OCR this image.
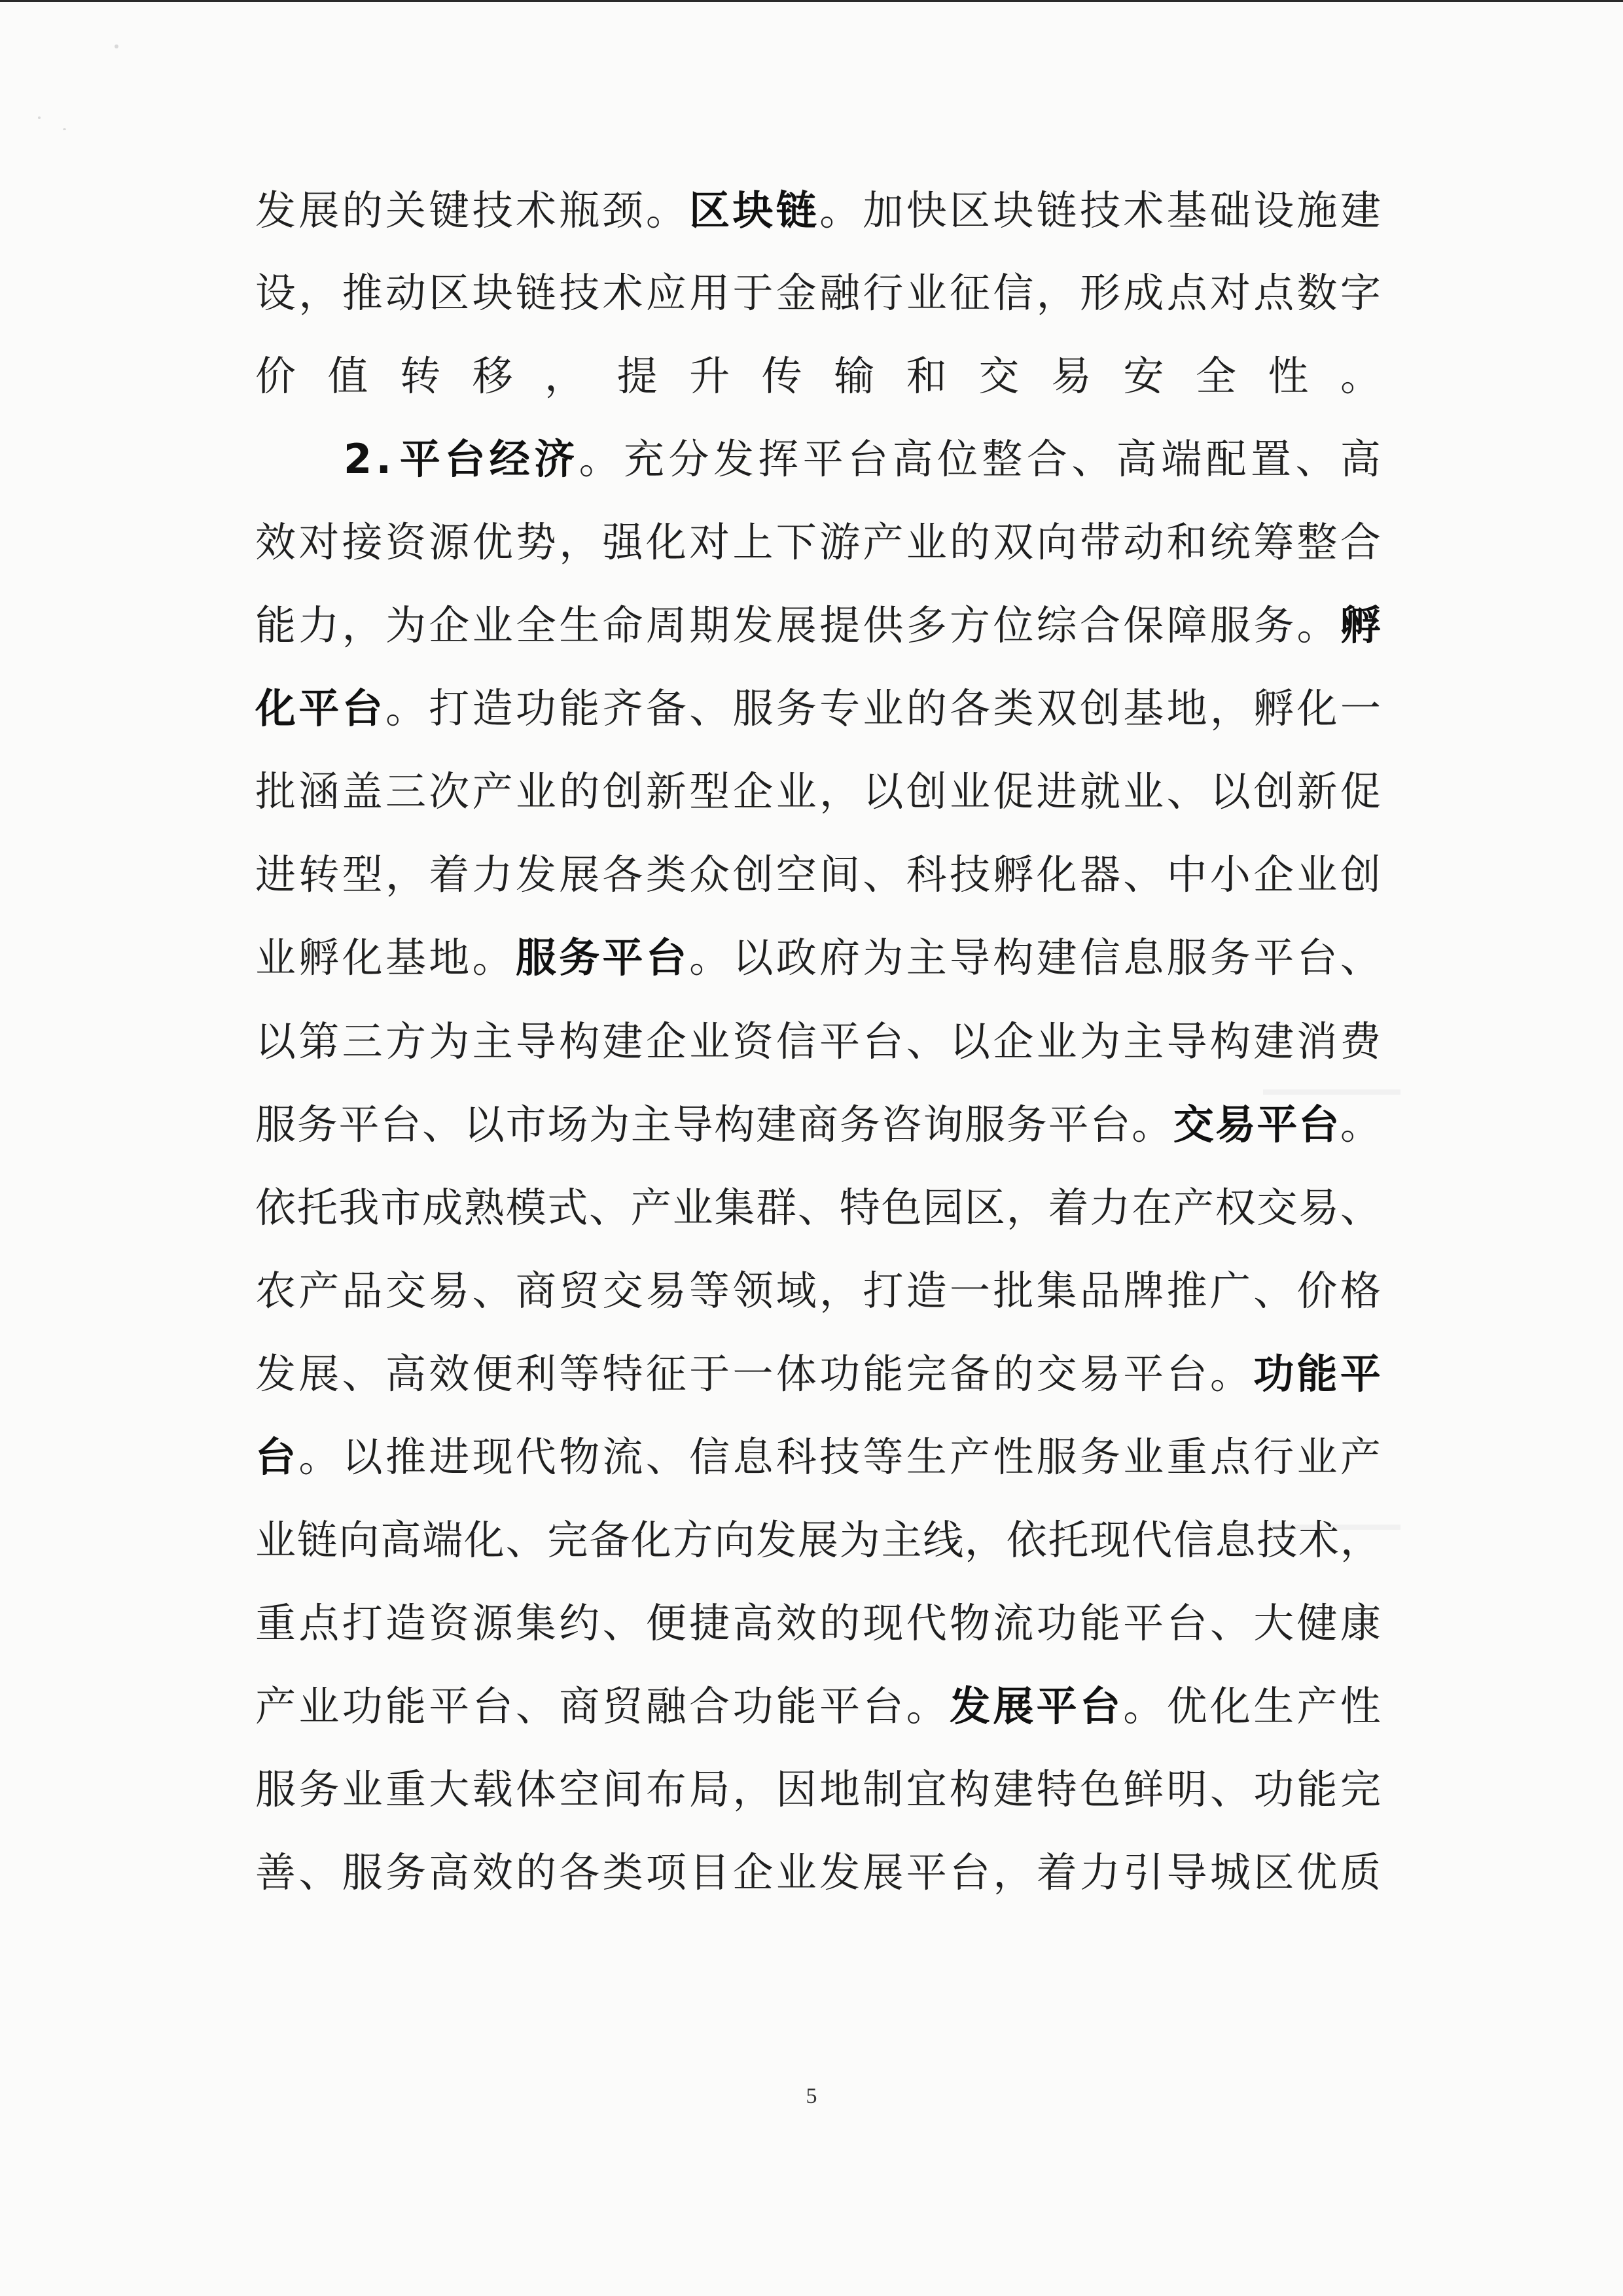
发 展 的 关 键 技 术 瓶 颈 。 区 块 链 。 加 快 区 块 链 技 术 基 础 设 施 建
设 ， 推 动 区 块 链 技 术 应 用 于 金 融 行 业 征 信 ， 形 成 点 对 点 数 字
价 值 转 移 ， 提 升 传 输 和 交 易 安 全 性 。
2 . 平 台 经 济 。 充 分 发 挥 平 台 高 位 整 合 、 高 端 配 置 、 高
效 对 接 资 源 优 势 ， 强 化 对 上 下 游 产 业 的 双 向 带 动 和 统 筹 整 合
能 力 ， 为 企 业 全 生 命 周 期 发 展 提 供 多 方 位 综 合 保 障 服 务 。 孵
化 平 台 。 打 造 功 能 齐 备 、 服 务 专 业 的 各 类 双 创 基 地 ， 孵 化 一
批 涵 盖 三 次 产 业 的 创 新 型 企 业 ， 以 创 业 促 进 就 业 、 以 创 新 促
进 转 型 ， 着 力 发 展 各 类 众 创 空 间 、 科 技 孵 化 器 、 中 小 企 业 创
业 孵 化 基 地 。 服 务 平 台 。 以 政 府 为 主 导 构 建 信 息 服 务 平 台 、
以 第 三 方 为 主 导 构 建 企 业 资 信 平 台 、 以 企 业 为 主 导 构 建 消 费
服 务 平 台 、 以 市 场 为 主 导 构 建 商 务 咨 询 服 务 平 台 。 交 易 平 台 。
依 托 我 市 成 熟 模 式 、 产 业 集 群 、 特 色 园 区 ， 着 力 在 产 权 交 易 、
农 产 品 交 易 、 商 贸 交 易 等 领 域 ， 打 造 一 批 集 品 牌 推 广 、 价 格
发 展 、 高 效 便 利 等 特 征 于 一 体 功 能 完 备 的 交 易 平 台 。 功 能 平
台 。 以 推 进 现 代 物 流 、 信 息 科 技 等 生 产 性 服 务 业 重 点 行 业 产
业 链 向 高 端 化 、 完 备 化 方 向 发 展 为 主 线 ， 依 托 现 代 信 息 技 术 ，
重 点 打 造 资 源 集 约 、 便 捷 高 效 的 现 代 物 流 功 能 平 台 、 大 健 康
产 业 功 能 平 台 、 商 贸 融 合 功 能 平 台 。 发 展 平 台 。 优 化 生 产 性
服 务 业 重 大 载 体 空 间 布 局 ， 因 地 制 宜 构 建 特 色 鲜 明 、 功 能 完
善 、 服 务 高 效 的 各 类 项 目 企 业 发 展 平 台 ， 着 力 引 导 城 区 优 质
5
